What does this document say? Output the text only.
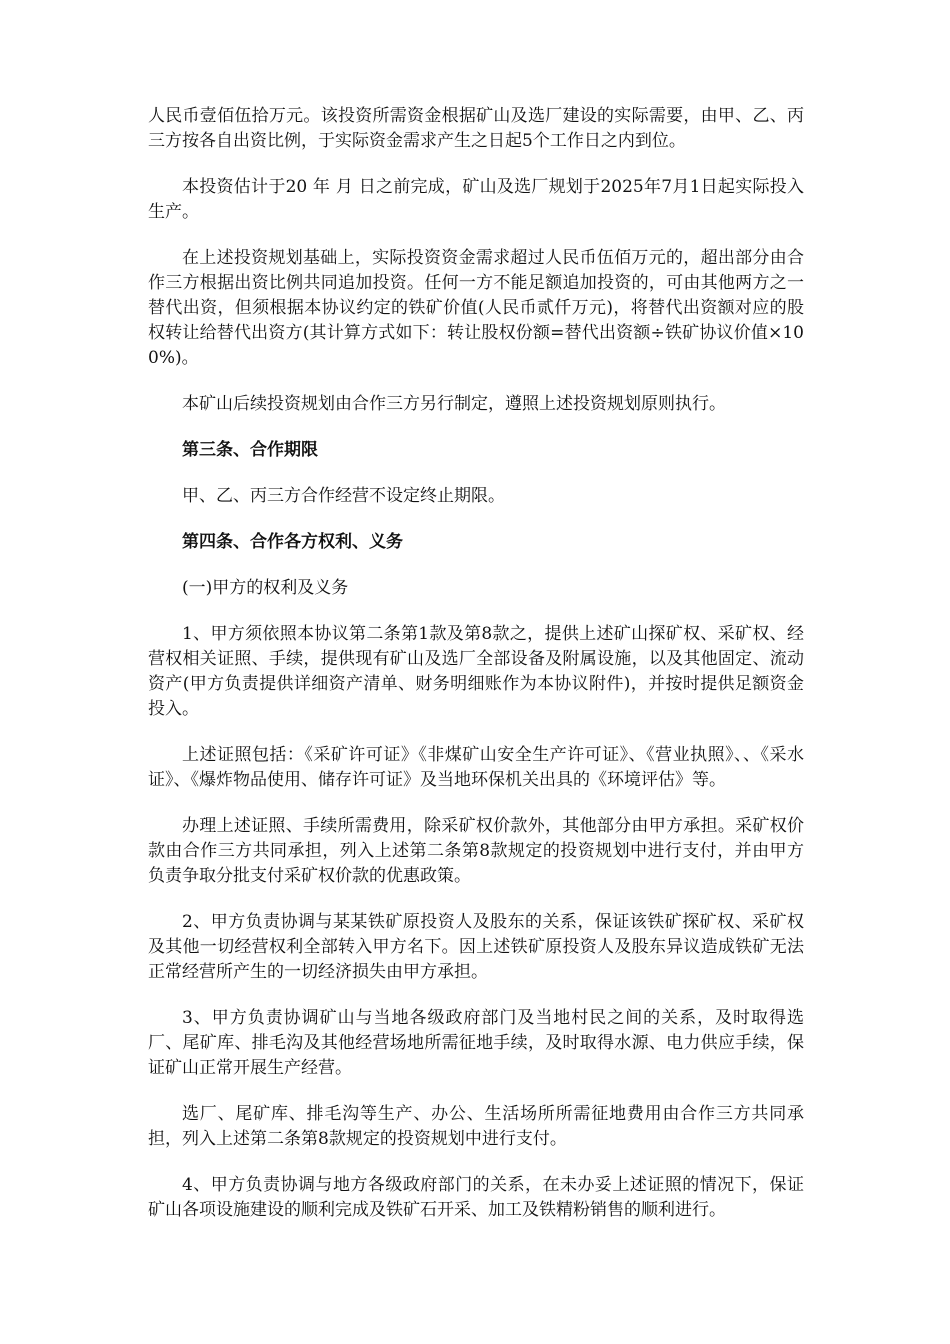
人民币壹佰伍拾万元。该投资所需资金根据矿山及选厂建设的实际需要，由甲、乙、丙三方按各自出资比例，于实际资金需求产生之日起5个工作日之内到位。

本投资估计于20 年 月 日之前完成，矿山及选厂规划于2025年7月1日起实际投入生产。

在上述投资规划基础上，实际投资资金需求超过人民币伍佰万元的，超出部分由合作三方根据出资比例共同追加投资。任何一方不能足额追加投资的，可由其他两方之一替代出资，但须根据本协议约定的铁矿价值(人民币贰仟万元)，将替代出资额对应的股权转让给替代出资方(其计算方式如下：转让股权份额=替代出资额÷铁矿协议价值×100%)。

本矿山后续投资规划由合作三方另行制定，遵照上述投资规划原则执行。

第三条、合作期限

甲、乙、丙三方合作经营不设定终止期限。

第四条、合作各方权利、义务

(一)甲方的权利及义务

1、甲方须依照本协议第二条第1款及第8款之，提供上述矿山探矿权、采矿权、经营权相关证照、手续，提供现有矿山及选厂全部设备及附属设施，以及其他固定、流动资产(甲方负责提供详细资产清单、财务明细账作为本协议附件)，并按时提供足额资金投入。

上述证照包括：《采矿许可证》《非煤矿山安全生产许可证》、《营业执照》、、《采水证》、《爆炸物品使用、储存许可证》及当地环保机关出具的《环境评估》等。

办理上述证照、手续所需费用，除采矿权价款外，其他部分由甲方承担。采矿权价款由合作三方共同承担，列入上述第二条第8款规定的投资规划中进行支付，并由甲方负责争取分批支付采矿权价款的优惠政策。

2、甲方负责协调与某某铁矿原投资人及股东的关系，保证该铁矿探矿权、采矿权及其他一切经营权利全部转入甲方名下。因上述铁矿原投资人及股东异议造成铁矿无法正常经营所产生的一切经济损失由甲方承担。

3、甲方负责协调矿山与当地各级政府部门及当地村民之间的关系，及时取得选厂、尾矿库、排毛沟及其他经营场地所需征地手续，及时取得水源、电力供应手续，保证矿山正常开展生产经营。

选厂、尾矿库、排毛沟等生产、办公、生活场所所需征地费用由合作三方共同承担，列入上述第二条第8款规定的投资规划中进行支付。

4、甲方负责协调与地方各级政府部门的关系，在未办妥上述证照的情况下，保证矿山各项设施建设的顺利完成及铁矿石开采、加工及铁精粉销售的顺利进行。
